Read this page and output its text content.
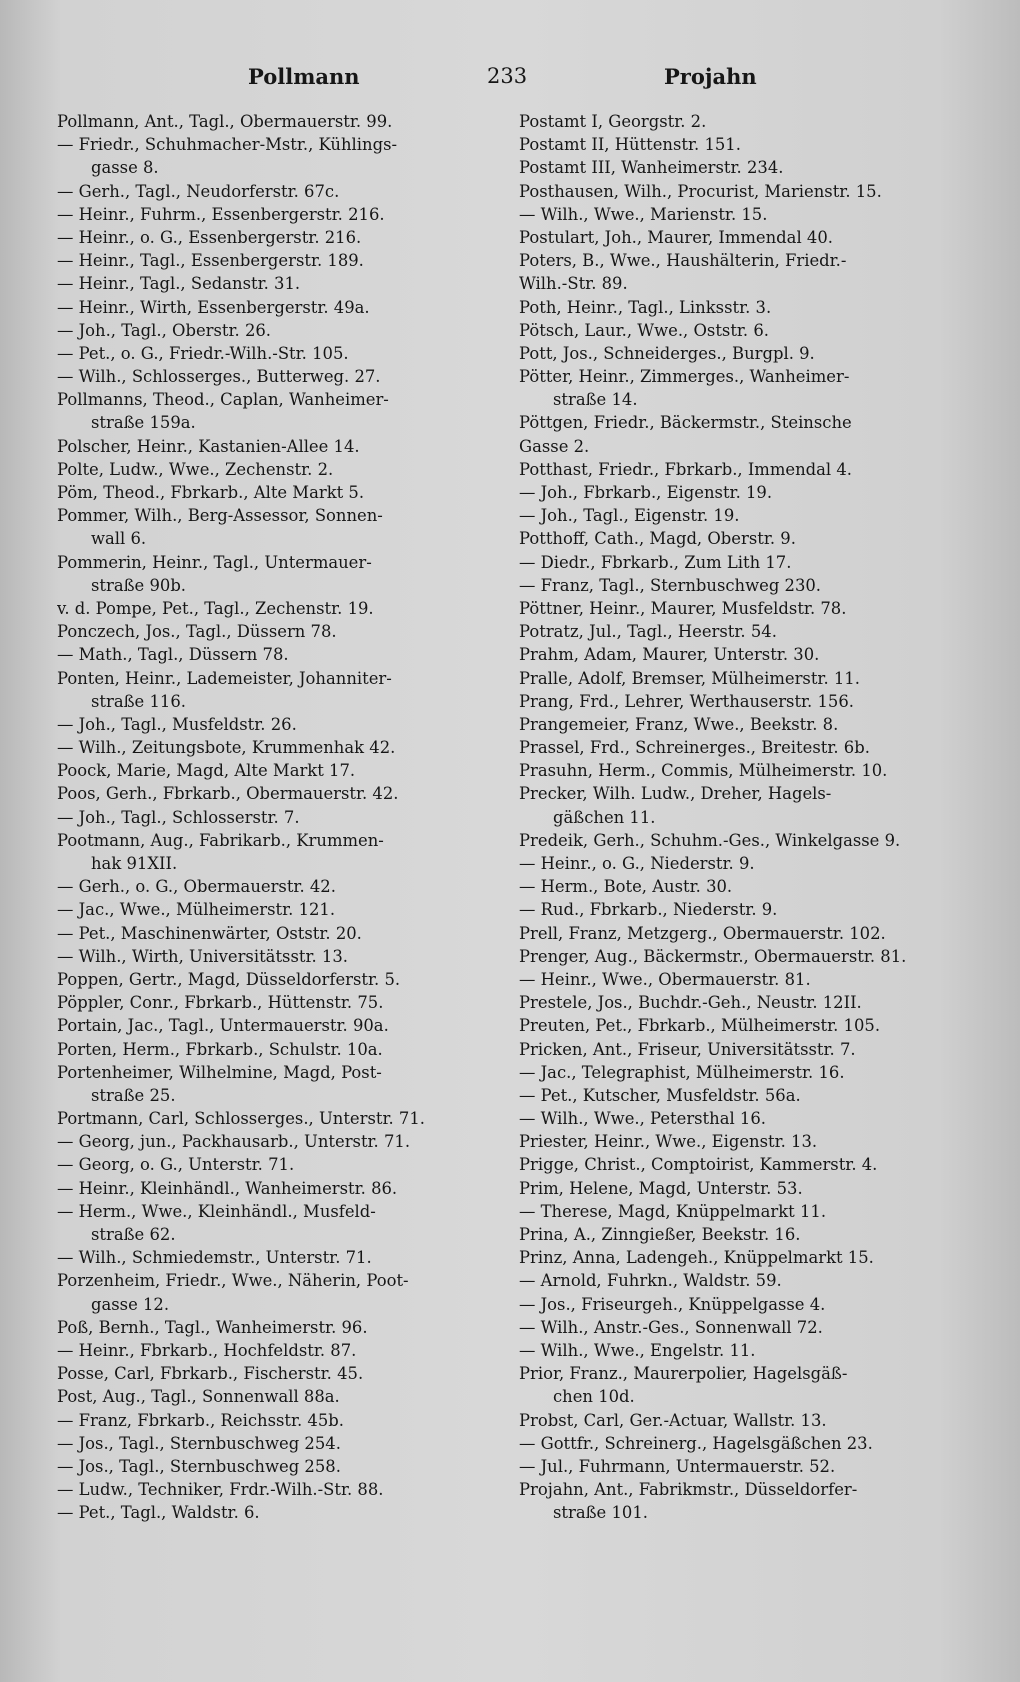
Pollmann	233	Projahn
Pollmann, Ant., Tagl., Obermauerstr. 99.
— Friedr., Schuhmacher-Mstr., Kühlings-
gasse 8.
— Gerh., Tagl., Neudorferstr. 67c.
— Heinr., Fuhrm., Essenbergerstr. 216.
— Heinr., o. G., Essenbergerstr. 216.
— Heinr., Tagl., Essenbergerstr. 189.
— Heinr., Tagl., Sedanstr. 31.
— Heinr., Wirth, Essenbergerstr. 49a.
— Joh., Tagl., Oberstr. 26.
— Pet., o. G., Friedr.-Wilh.-Str. 105.
— Wilh., Schlosserges., Butterweg. 27.
Pollmanns, Theod., Caplan, Wanheimer-
straße 159a.
Polscher, Heinr., Kastanien-Allee 14.
Polte, Ludw., Wwe., Zechenstr. 2.
Pöm, Theod., Fbrkarb., Alte Markt 5.
Pommer, Wilh., Berg-Assessor, Sonnen-
wall 6.
Pommerin, Heinr., Tagl., Untermauer-
straße 90b.
v. d. Pompe, Pet., Tagl., Zechenstr. 19.
Ponczech, Jos., Tagl., Düssern 78.
— Math., Tagl., Düssern 78.
Ponten, Heinr., Lademeister, Johanniter-
straße 116.
— Joh., Tagl., Musfeldstr. 26.
— Wilh., Zeitungsbote, Krummenhak 42.
Poock, Marie, Magd, Alte Markt 17.
Poos, Gerh., Fbrkarb., Obermauerstr. 42.
— Joh., Tagl., Schlosserstr. 7.
Pootmann, Aug., Fabrikarb., Krummen-
hak 91XII.
— Gerh., o. G., Obermauerstr. 42.
— Jac., Wwe., Mülheimerstr. 121.
— Pet., Maschinenwärter, Oststr. 20.
— Wilh., Wirth, Universitätsstr. 13.
Poppen, Gertr., Magd, Düsseldorferstr. 5.
Pöppler, Conr., Fbrkarb., Hüttenstr. 75.
Portain, Jac., Tagl., Untermauerstr. 90a.
Porten, Herm., Fbrkarb., Schulstr. 10a.
Portenheimer, Wilhelmine, Magd, Post-
straße 25.
Portmann, Carl, Schlosserges., Unterstr. 71.
— Georg, jun., Packhausarb., Unterstr. 71.
— Georg, o. G., Unterstr. 71.
— Heinr., Kleinhändl., Wanheimerstr. 86.
— Herm., Wwe., Kleinhändl., Musfeld-
straße 62.
— Wilh., Schmiedemstr., Unterstr. 71.
Porzenheim, Friedr., Wwe., Näherin, Poot-
gasse 12.
Poß, Bernh., Tagl., Wanheimerstr. 96.
— Heinr., Fbrkarb., Hochfeldstr. 87.
Posse, Carl, Fbrkarb., Fischerstr. 45.
Post, Aug., Tagl., Sonnenwall 88a.
— Franz, Fbrkarb., Reichsstr. 45b.
— Jos., Tagl., Sternbuschweg 254.
— Jos., Tagl., Sternbuschweg 258.
— Ludw., Techniker, Frdr.-Wilh.-Str. 88.
— Pet., Tagl., Waldstr. 6.
Postamt I, Georgstr. 2.
Postamt II, Hüttenstr. 151.
Postamt III, Wanheimerstr. 234.
Posthausen, Wilh., Procurist, Marienstr. 15.
— Wilh., Wwe., Marienstr. 15.
Postulart, Joh., Maurer, Immendal 40.
Poters, B., Wwe., Haushälterin, Friedr.-
Wilh.-Str. 89.
Poth, Heinr., Tagl., Linksstr. 3.
Pötsch, Laur., Wwe., Oststr. 6.
Pott, Jos., Schneiderges., Burgpl. 9.
Pötter, Heinr., Zimmerges., Wanheimer-
straße 14.
Pöttgen, Friedr., Bäckermstr., Steinsche
Gasse 2.
Potthast, Friedr., Fbrkarb., Immendal 4.
— Joh., Fbrkarb., Eigenstr. 19.
— Joh., Tagl., Eigenstr. 19.
Potthoff, Cath., Magd, Oberstr. 9.
— Diedr., Fbrkarb., Zum Lith 17.
— Franz, Tagl., Sternbuschweg 230.
Pöttner, Heinr., Maurer, Musfeldstr. 78.
Potratz, Jul., Tagl., Heerstr. 54.
Prahm, Adam, Maurer, Unterstr. 30.
Pralle, Adolf, Bremser, Mülheimerstr. 11.
Prang, Frd., Lehrer, Werthauserstr. 156.
Prangemeier, Franz, Wwe., Beekstr. 8.
Prassel, Frd., Schreinerges., Breitestr. 6b.
Prasuhn, Herm., Commis, Mülheimerstr. 10.
Precker, Wilh. Ludw., Dreher, Hagels-
gäßchen 11.
Predeik, Gerh., Schuhm.-Ges., Winkelgasse 9.
— Heinr., o. G., Niederstr. 9.
— Herm., Bote, Austr. 30.
— Rud., Fbrkarb., Niederstr. 9.
Prell, Franz, Metzgerg., Obermauerstr. 102.
Prenger, Aug., Bäckermstr., Obermauerstr. 81.
— Heinr., Wwe., Obermauerstr. 81.
Prestele, Jos., Buchdr.-Geh., Neustr. 12II.
Preuten, Pet., Fbrkarb., Mülheimerstr. 105.
Pricken, Ant., Friseur, Universitätsstr. 7.
— Jac., Telegraphist, Mülheimerstr. 16.
— Pet., Kutscher, Musfeldstr. 56a.
— Wilh., Wwe., Petersthal 16.
Priester, Heinr., Wwe., Eigenstr. 13.
Prigge, Christ., Comptoirist, Kammerstr. 4.
Prim, Helene, Magd, Unterstr. 53.
— Therese, Magd, Knüppelmarkt 11.
Prina, A., Zinngießer, Beekstr. 16.
Prinz, Anna, Ladengeh., Knüppelmarkt 15.
— Arnold, Fuhrkn., Waldstr. 59.
— Jos., Friseurgeh., Knüppelgasse 4.
— Wilh., Anstr.-Ges., Sonnenwall 72.
— Wilh., Wwe., Engelstr. 11.
Prior, Franz., Maurerpolier, Hagelsgäß-
chen 10d.
Probst, Carl, Ger.-Actuar, Wallstr. 13.
— Gottfr., Schreinerg., Hagelsgäßchen 23.
— Jul., Fuhrmann, Untermauerstr. 52.
Projahn, Ant., Fabrikmstr., Düsseldorfer-
straße 101.
